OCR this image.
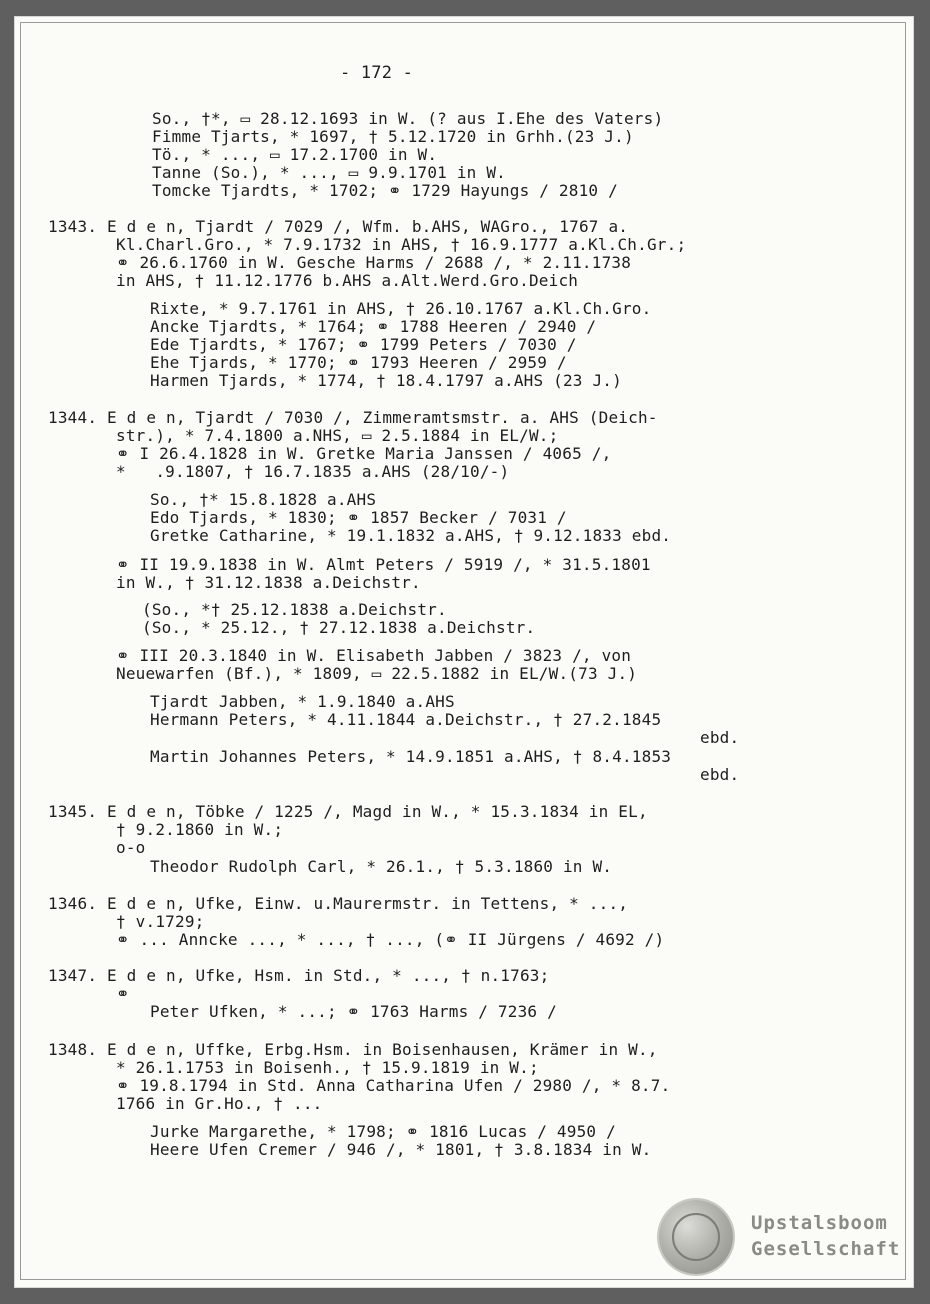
- 172 -

So., †*, ▭ 28.12.1693 in W. (? aus I.Ehe des Vaters)

Fimme Tjarts, * 1697, † 5.12.1720 in Grhh.(23 J.)

Tö., * ..., ▭ 17.2.1700 in W.

Tanne (So.), * ..., ▭ 9.9.1701 in W.

Tomcke Tjardts, * 1702; ⚭ 1729 Hayungs / 2810 /

1343. E d e n, Tjardt / 7029 /, Wfm. b.AHS, WAGro., 1767 a.

Kl.Charl.Gro., * 7.9.1732 in AHS, † 16.9.1777 a.Kl.Ch.Gr.;

⚭ 26.6.1760 in W. Gesche Harms / 2688 /, * 2.11.1738

in AHS, † 11.12.1776 b.AHS a.Alt.Werd.Gro.Deich

Rixte, * 9.7.1761 in AHS, † 26.10.1767 a.Kl.Ch.Gro.

Ancke Tjardts, * 1764; ⚭ 1788 Heeren / 2940 /

Ede Tjardts, * 1767; ⚭ 1799 Peters / 7030 /

Ehe Tjards, * 1770; ⚭ 1793 Heeren / 2959 /

Harmen Tjards, * 1774, † 18.4.1797 a.AHS (23 J.)

1344. E d e n, Tjardt / 7030 /, Zimmeramtsmstr. a. AHS (Deich-

str.), * 7.4.1800 a.NHS, ▭ 2.5.1884 in EL/W.;

⚭ I 26.4.1828 in W. Gretke Maria Janssen / 4065 /,

*   .9.1807, † 16.7.1835 a.AHS (28/10/-)

So., †* 15.8.1828 a.AHS

Edo Tjards, * 1830; ⚭ 1857 Becker / 7031 /

Gretke Catharine, * 19.1.1832 a.AHS, † 9.12.1833 ebd.

⚭ II 19.9.1838 in W. Almt Peters / 5919 /, * 31.5.1801

in W., † 31.12.1838 a.Deichstr.

(So., *† 25.12.1838 a.Deichstr.

(So., * 25.12., † 27.12.1838 a.Deichstr.

⚭ III 20.3.1840 in W. Elisabeth Jabben / 3823 /, von

Neuewarfen (Bf.), * 1809, ▭ 22.5.1882 in EL/W.(73 J.)

Tjardt Jabben, * 1.9.1840 a.AHS

Hermann Peters, * 4.11.1844 a.Deichstr., † 27.2.1845

ebd.

Martin Johannes Peters, * 14.9.1851 a.AHS, † 8.4.1853

ebd.

1345. E d e n, Töbke / 1225 /, Magd in W., * 15.3.1834 in EL,

† 9.2.1860 in W.;

o-o

Theodor Rudolph Carl, * 26.1., † 5.3.1860 in W.

1346. E d e n, Ufke, Einw. u.Maurermstr. in Tettens, * ...,

† v.1729;

⚭ ... Anncke ..., * ..., † ..., (⚭ II Jürgens / 4692 /)

1347. E d e n, Ufke, Hsm. in Std., * ..., † n.1763;

⚭

Peter Ufken, * ...; ⚭ 1763 Harms / 7236 /

1348. E d e n, Uffke, Erbg.Hsm. in Boisenhausen, Krämer in W.,

* 26.1.1753 in Boisenh., † 15.9.1819 in W.;

⚭ 19.8.1794 in Std. Anna Catharina Ufen / 2980 /, * 8.7.

1766 in Gr.Ho., † ...

Jurke Margarethe, * 1798; ⚭ 1816 Lucas / 4950 /

Heere Ufen Cremer / 946 /, * 1801, † 3.8.1834 in W.

Upstalsboom

Gesellschaft
